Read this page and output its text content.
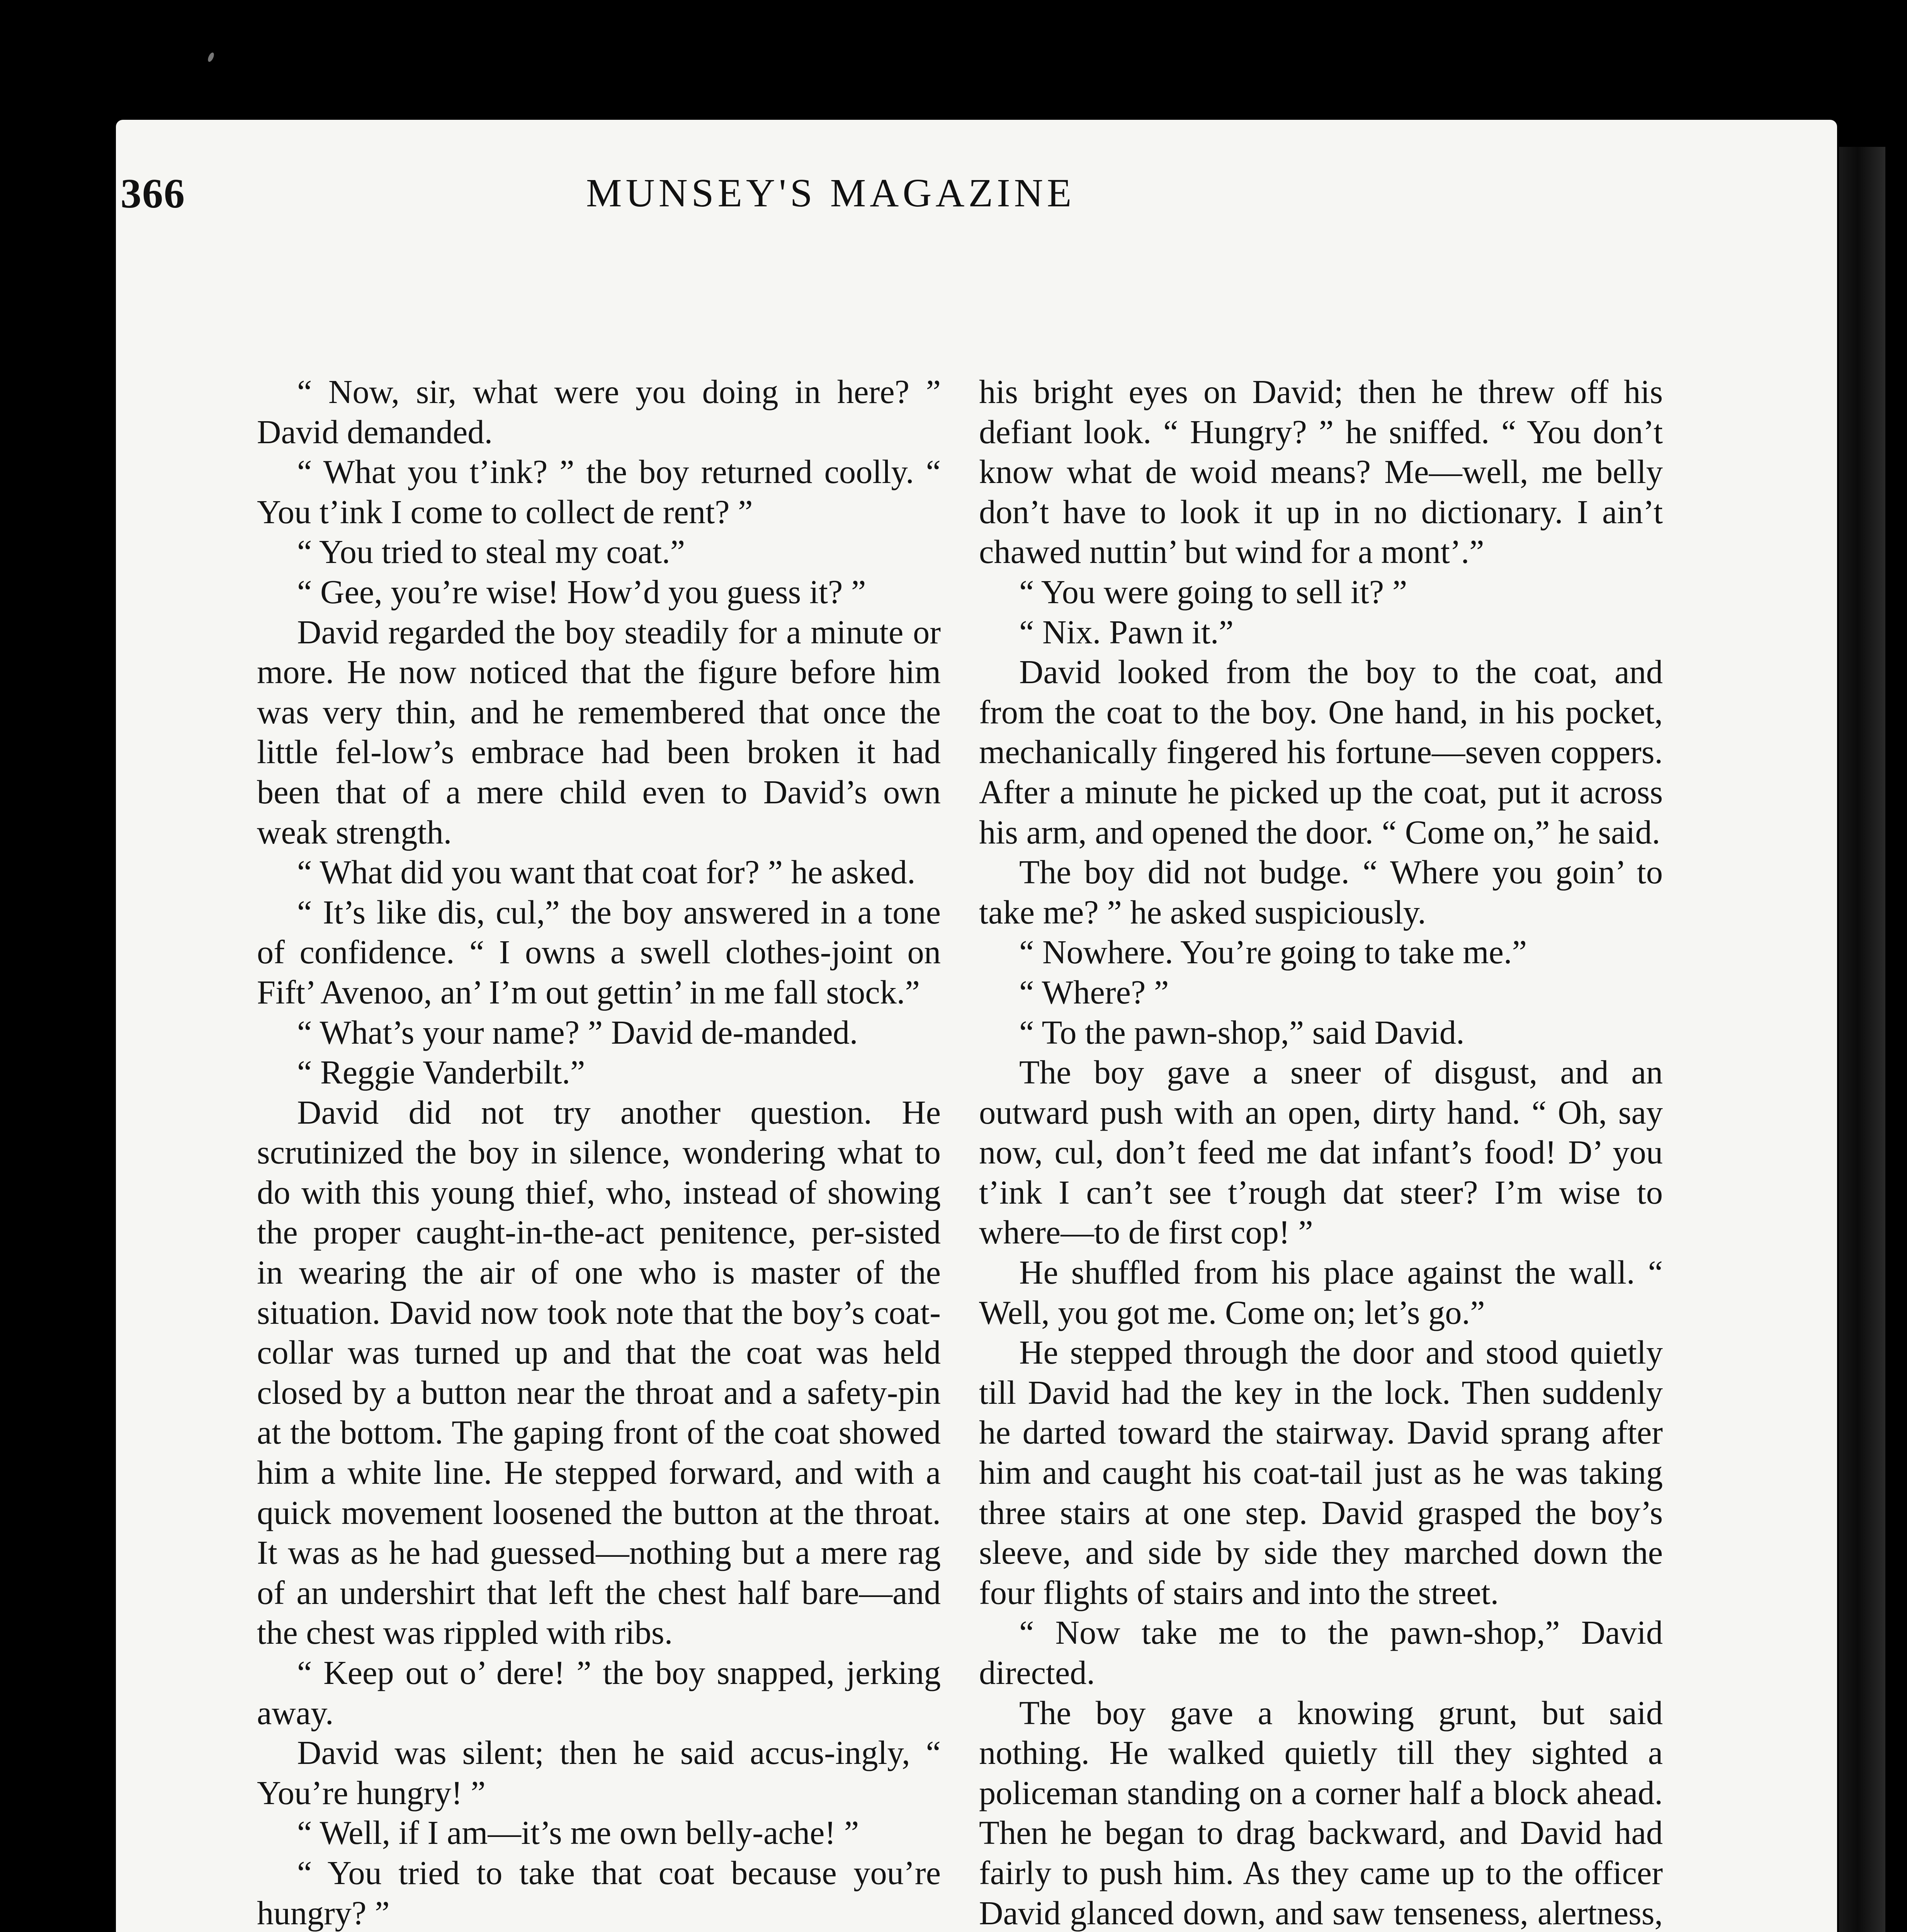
366	MUNSEY'S MAGAZINE

“ Now, sir, what were you doing in here? ” David demanded.

“ What you t’ink? ” the boy returned coolly. “ You t’ink I come to collect de rent? ”

“ You tried to steal my coat.”

“ Gee, you’re wise! How’d you guess it? ”

David regarded the boy steadily for a minute or more. He now noticed that the figure before him was very thin, and he remembered that once the little fel-low’s embrace had been broken it had been that of a mere child even to David’s own weak strength.

“ What did you want that coat for? ” he asked.

“ It’s like dis, cul,” the boy answered in a tone of confidence. “ I owns a swell clothes-joint on Fift’ Avenoo, an’ I’m out gettin’ in me fall stock.”

“ What’s your name? ” David de-manded.

“ Reggie Vanderbilt.”

David did not try another question. He scrutinized the boy in silence, wondering what to do with this young thief, who, instead of showing the proper caught-in-the-act penitence, per-sisted in wearing the air of one who is master of the situation. David now took note that the boy’s coat-collar was turned up and that the coat was held closed by a button near the throat and a safety-pin at the bottom. The gaping front of the coat showed him a white line. He stepped forward, and with a quick movement loosened the button at the throat. It was as he had guessed—nothing but a mere rag of an undershirt that left the chest half bare—and the chest was rippled with ribs.

“ Keep out o’ dere! ” the boy snapped, jerking away.

David was silent; then he said accus-ingly, “ You’re hungry! ”

“ Well, if I am—it’s me own belly-ache! ”

“ You tried to take that coat because you’re hungry? ”

his bright eyes on David; then he threw off his defiant look. “ Hungry? ” he sniffed. “ You don’t know what de woid means? Me—well, me belly don’t have to look it up in no dictionary. I ain’t chawed nuttin’ but wind for a mont’.”

“ You were going to sell it? ”

“ Nix. Pawn it.”

David looked from the boy to the coat, and from the coat to the boy. One hand, in his pocket, mechanically fingered his fortune—seven coppers. After a minute he picked up the coat, put it across his arm, and opened the door. “ Come on,” he said.

The boy did not budge. “ Where you goin’ to take me? ” he asked suspiciously.

“ Nowhere. You’re going to take me.”

“ Where? ”

“ To the pawn-shop,” said David.

The boy gave a sneer of disgust, and an outward push with an open, dirty hand. “ Oh, say now, cul, don’t feed me dat infant’s food! D’ you t’ink I can’t see t’rough dat steer? I’m wise to where—to de first cop! ”

He shuffled from his place against the wall. “ Well, you got me. Come on; let’s go.”

He stepped through the door and stood quietly till David had the key in the lock. Then suddenly he darted toward the stairway. David sprang after him and caught his coat-tail just as he was taking three stairs at one step. David grasped the boy’s sleeve, and side by side they marched down the four flights of stairs and into the street.

“ Now take me to the pawn-shop,” David directed.

The boy gave a knowing grunt, but said nothing. He walked quietly till they sighted a policeman standing on a corner half a block ahead. Then he began to drag backward, and David had fairly to push him. As they came up to the officer David glanced down, and saw tenseness, alertness,
